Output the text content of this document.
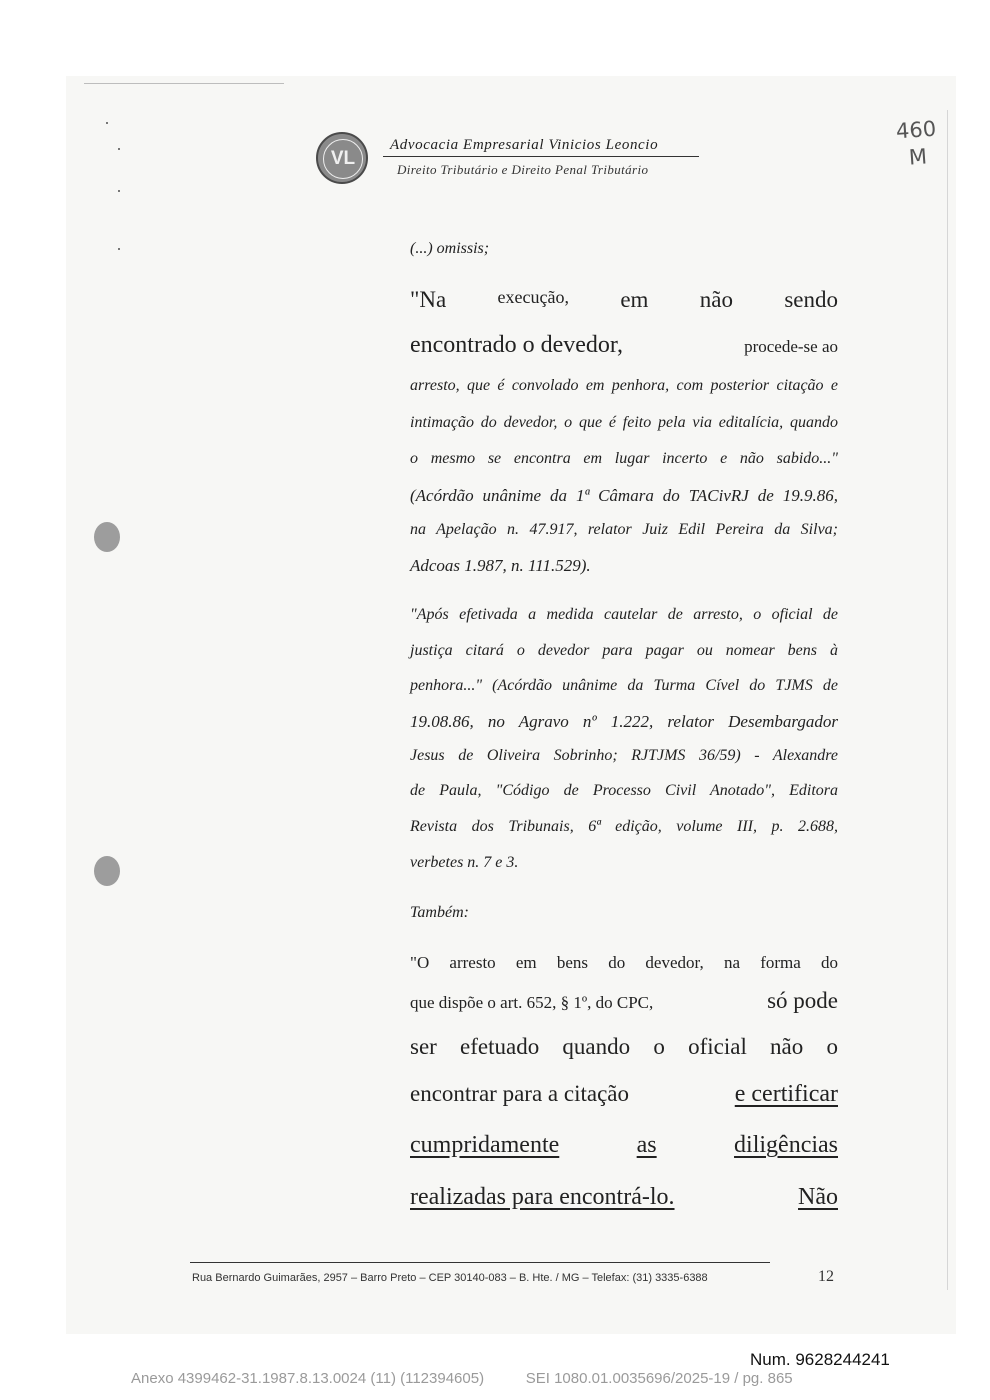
VL
Advocacia Empresarial Vinicios Leoncio
Direito Tributário e Direito Penal Tributário
460
M
(...) omissis;
"Na	execução, em não sendo
encontrado o devedor,	procede-se ao
arresto, que é convolado em penhora, com posterior citação e
intimação do devedor, o que é feito pela via editalícia, quando
o mesmo se encontra em lugar incerto e não sabido..."
(Acórdão unânime da 1ª Câmara do TACivRJ de 19.9.86,
na Apelação n. 47.917, relator Juiz Edil Pereira da Silva;
Adcoas 1.987, n. 111.529).
"Após efetivada a medida cautelar de arresto, o oficial de
justiça citará o devedor para pagar ou nomear bens à
penhora..." (Acórdão unânime da Turma Cível do TJMS de
19.08.86, no Agravo nº 1.222, relator Desembargador
Jesus de Oliveira Sobrinho; RJTJMS 36/59) - Alexandre
de Paula, "Código de Processo Civil Anotado", Editora
Revista dos Tribunais, 6ª edição, volume III, p. 2.688,
verbetes n. 7 e 3.
Também:
"O arresto em bens do devedor, na forma do
que dispõe o art. 652, § 1º, do CPC,	só pode
ser efetuado quando o oficial não o
encontrar para a citação	e certificar
cumpridamente	as	diligências
realizadas para encontrá-lo.	Não
Rua Bernardo Guimarães, 2957 – Barro Preto – CEP 30140-083 – B. Hte. / MG – Telefax: (31) 3335-6388	12
Num. 9628244241
Anexo 4399462-31.1987.8.13.0024 (11) (112394605)          SEI 1080.01.0035696/2025-19 / pg. 865
